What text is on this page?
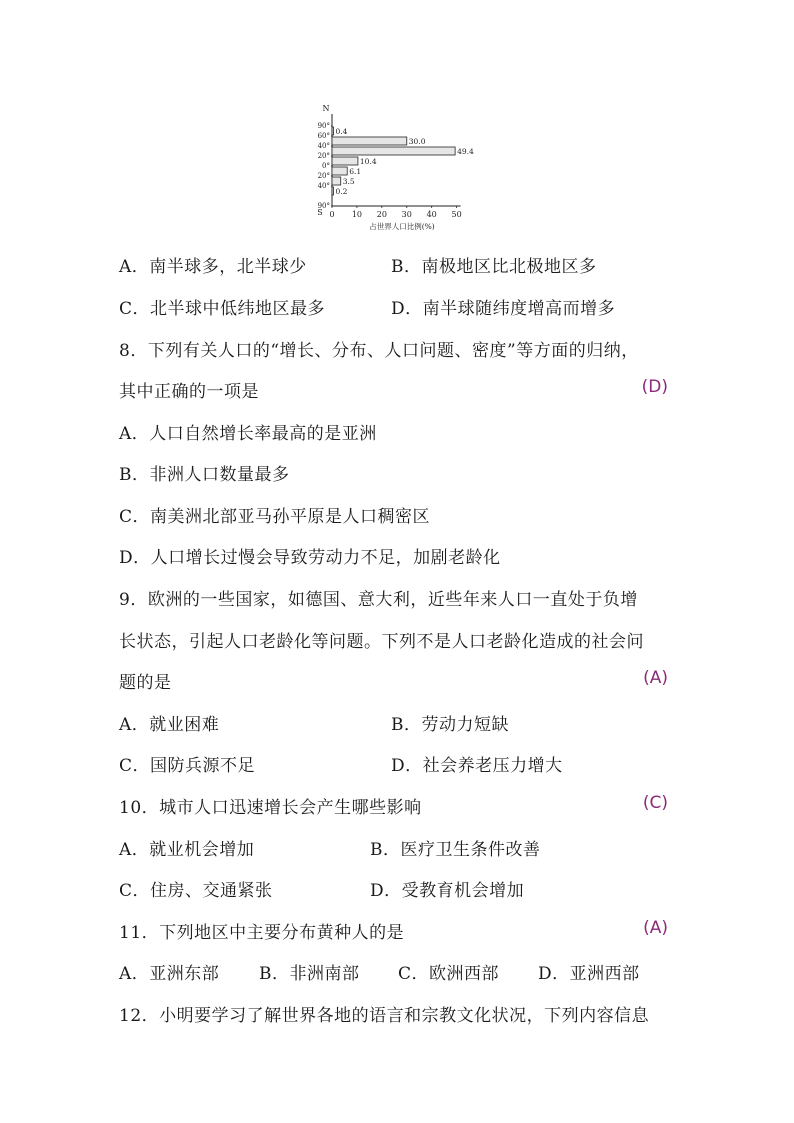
N
S
90°
60°
40°
20°
0°
20°
40°
90°
0.4
30.0
49.4
10.4
6.1
3.5
0.2
0 10 20 30 40 50
占世界人口比例(%)
A．南半球多，北半球少	B．南极地区比北极地区多
C．北半球中低纬地区最多	D．南半球随纬度增高而增多
8．下列有关人口的“增长、分布、人口问题、密度”等方面的归纳，
其中正确的一项是	(D)
A．人口自然增长率最高的是亚洲
B．非洲人口数量最多
C．南美洲北部亚马孙平原是人口稠密区
D．人口增长过慢会导致劳动力不足，加剧老龄化
9．欧洲的一些国家，如德国、意大利，近些年来人口一直处于负增
长状态，引起人口老龄化等问题。下列不是人口老龄化造成的社会问
题的是	(A)
A．就业困难	B．劳动力短缺
C．国防兵源不足	D．社会养老压力增大
10．城市人口迅速增长会产生哪些影响	(C)
A．就业机会增加	B．医疗卫生条件改善
C．住房、交通紧张	D．受教育机会增加
11．下列地区中主要分布黄种人的是	(A)
A．亚洲东部 B．非洲南部 C．欧洲西部 D．亚洲西部
12．小明要学习了解世界各地的语言和宗教文化状况，下列内容信息
